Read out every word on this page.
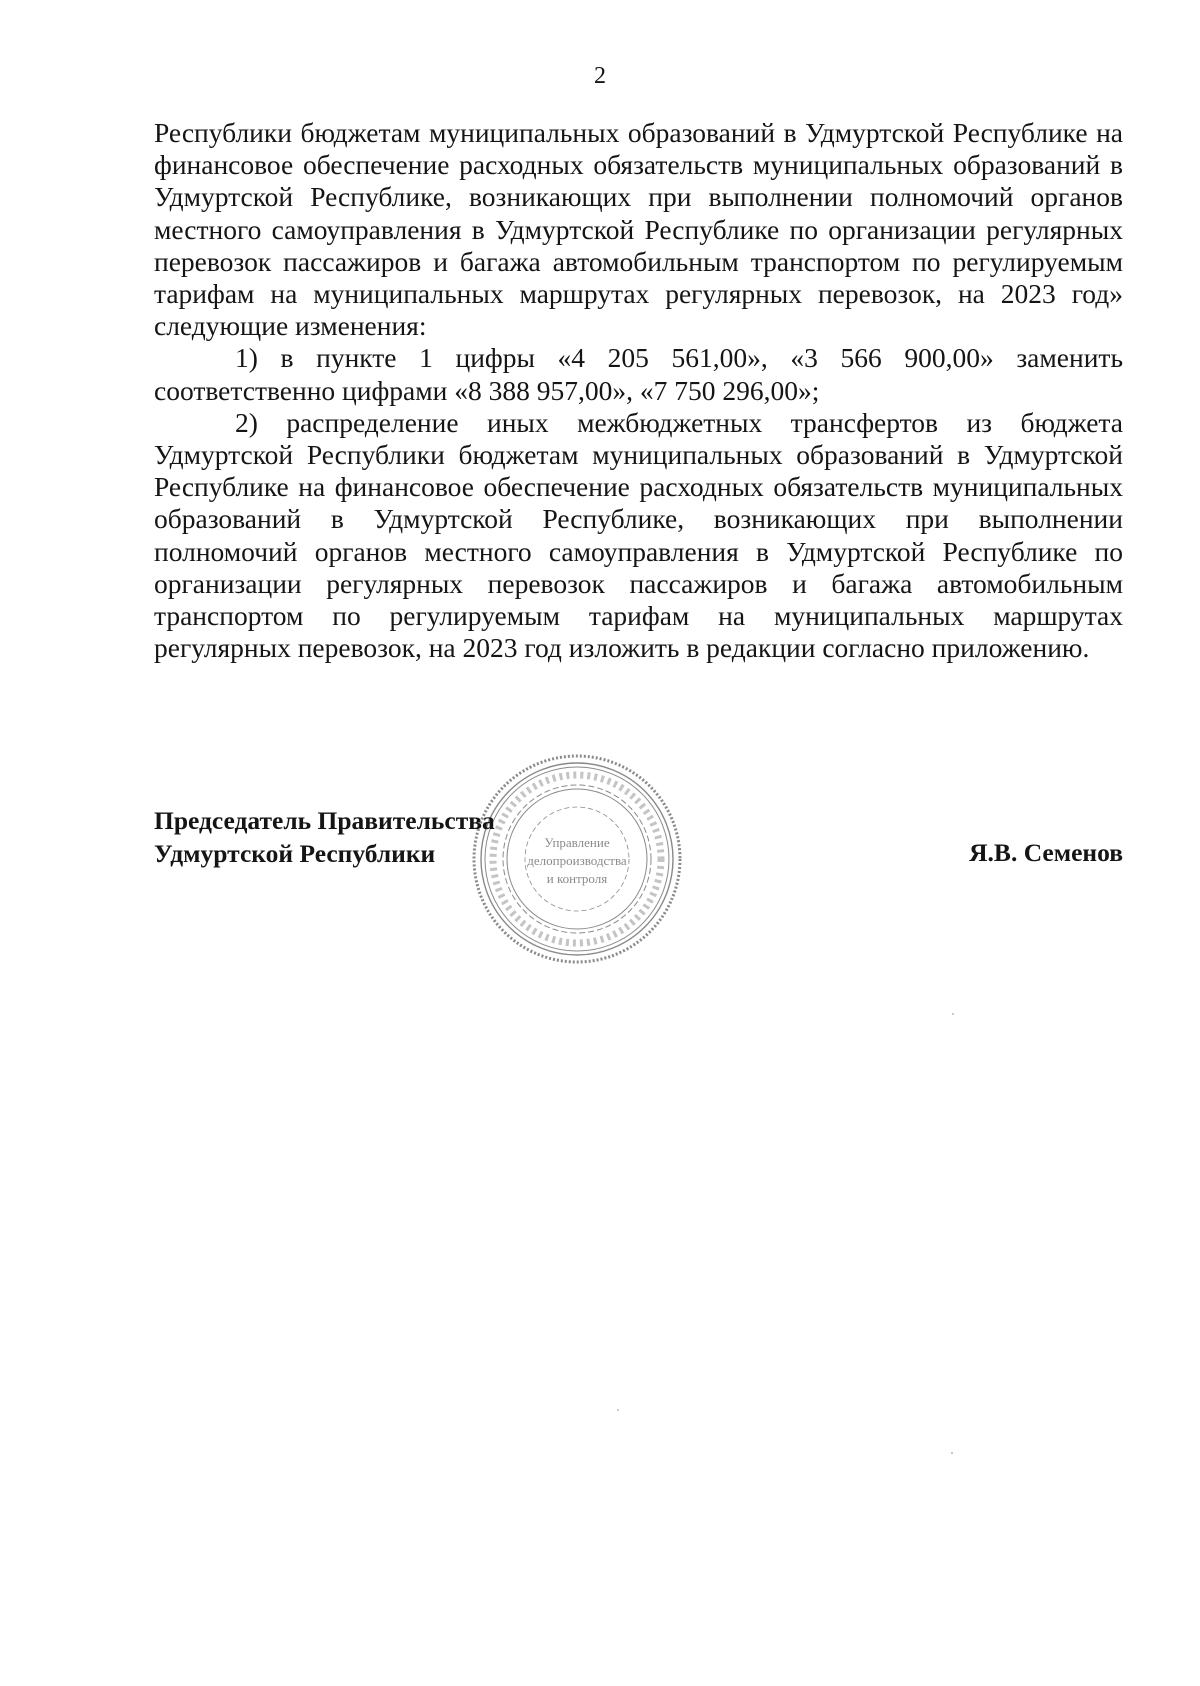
2

Республики бюджетам муниципальных образований в Удмуртской Республике на финансовое обеспечение расходных обязательств муниципальных образований в Удмуртской Республике, возникающих при выполнении полномочий органов местного самоуправления в Удмуртской Республике по организации регулярных перевозок пассажиров и багажа автомобильным транспортом по регулируемым тарифам на муниципальных маршрутах регулярных перевозок, на 2023 год» следующие изменения:

1) в пункте 1 цифры «4 205 561,00», «3 566 900,00» заменить соответственно цифрами «8 388 957,00», «7 750 296,00»;

2) распределение иных межбюджетных трансфертов из бюджета Удмуртской Республики бюджетам муниципальных образований в Удмуртской Республике на финансовое обеспечение расходных обязательств муниципальных образований в Удмуртской Республике, возникающих при выполнении полномочий органов местного самоуправления в Удмуртской Республике по организации регулярных перевозок пассажиров и багажа автомобильным транспортом по регулируемым тарифам на муниципальных маршрутах регулярных перевозок, на 2023 год изложить в редакции согласно приложению.

Управление
делопроизводства
и контроля
Председатель Правительства
Удмуртской Республики	Я.В. Семенов
